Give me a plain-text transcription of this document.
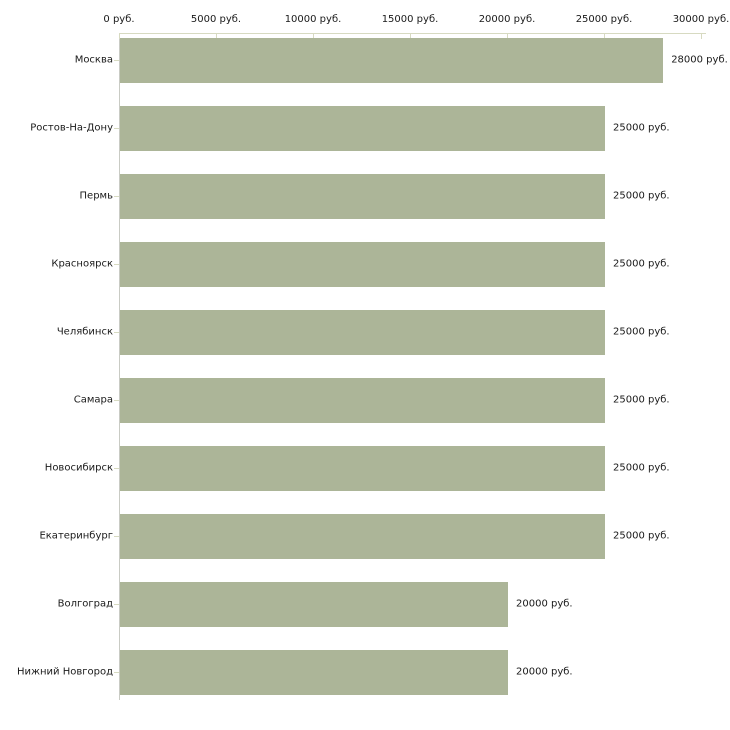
0 руб.	5000 руб.	10000 руб.	15000 руб.	20000 руб.	25000 руб.	30000 руб.
Москва	28000 руб.
Ростов-На-Дону	25000 руб.
Пермь	25000 руб.
Красноярск	25000 руб.
Челябинск	25000 руб.
Самара	25000 руб.
Новосибирск	25000 руб.
Екатеринбург	25000 руб.
Волгоград	20000 руб.
Нижний Новгород	20000 руб.
